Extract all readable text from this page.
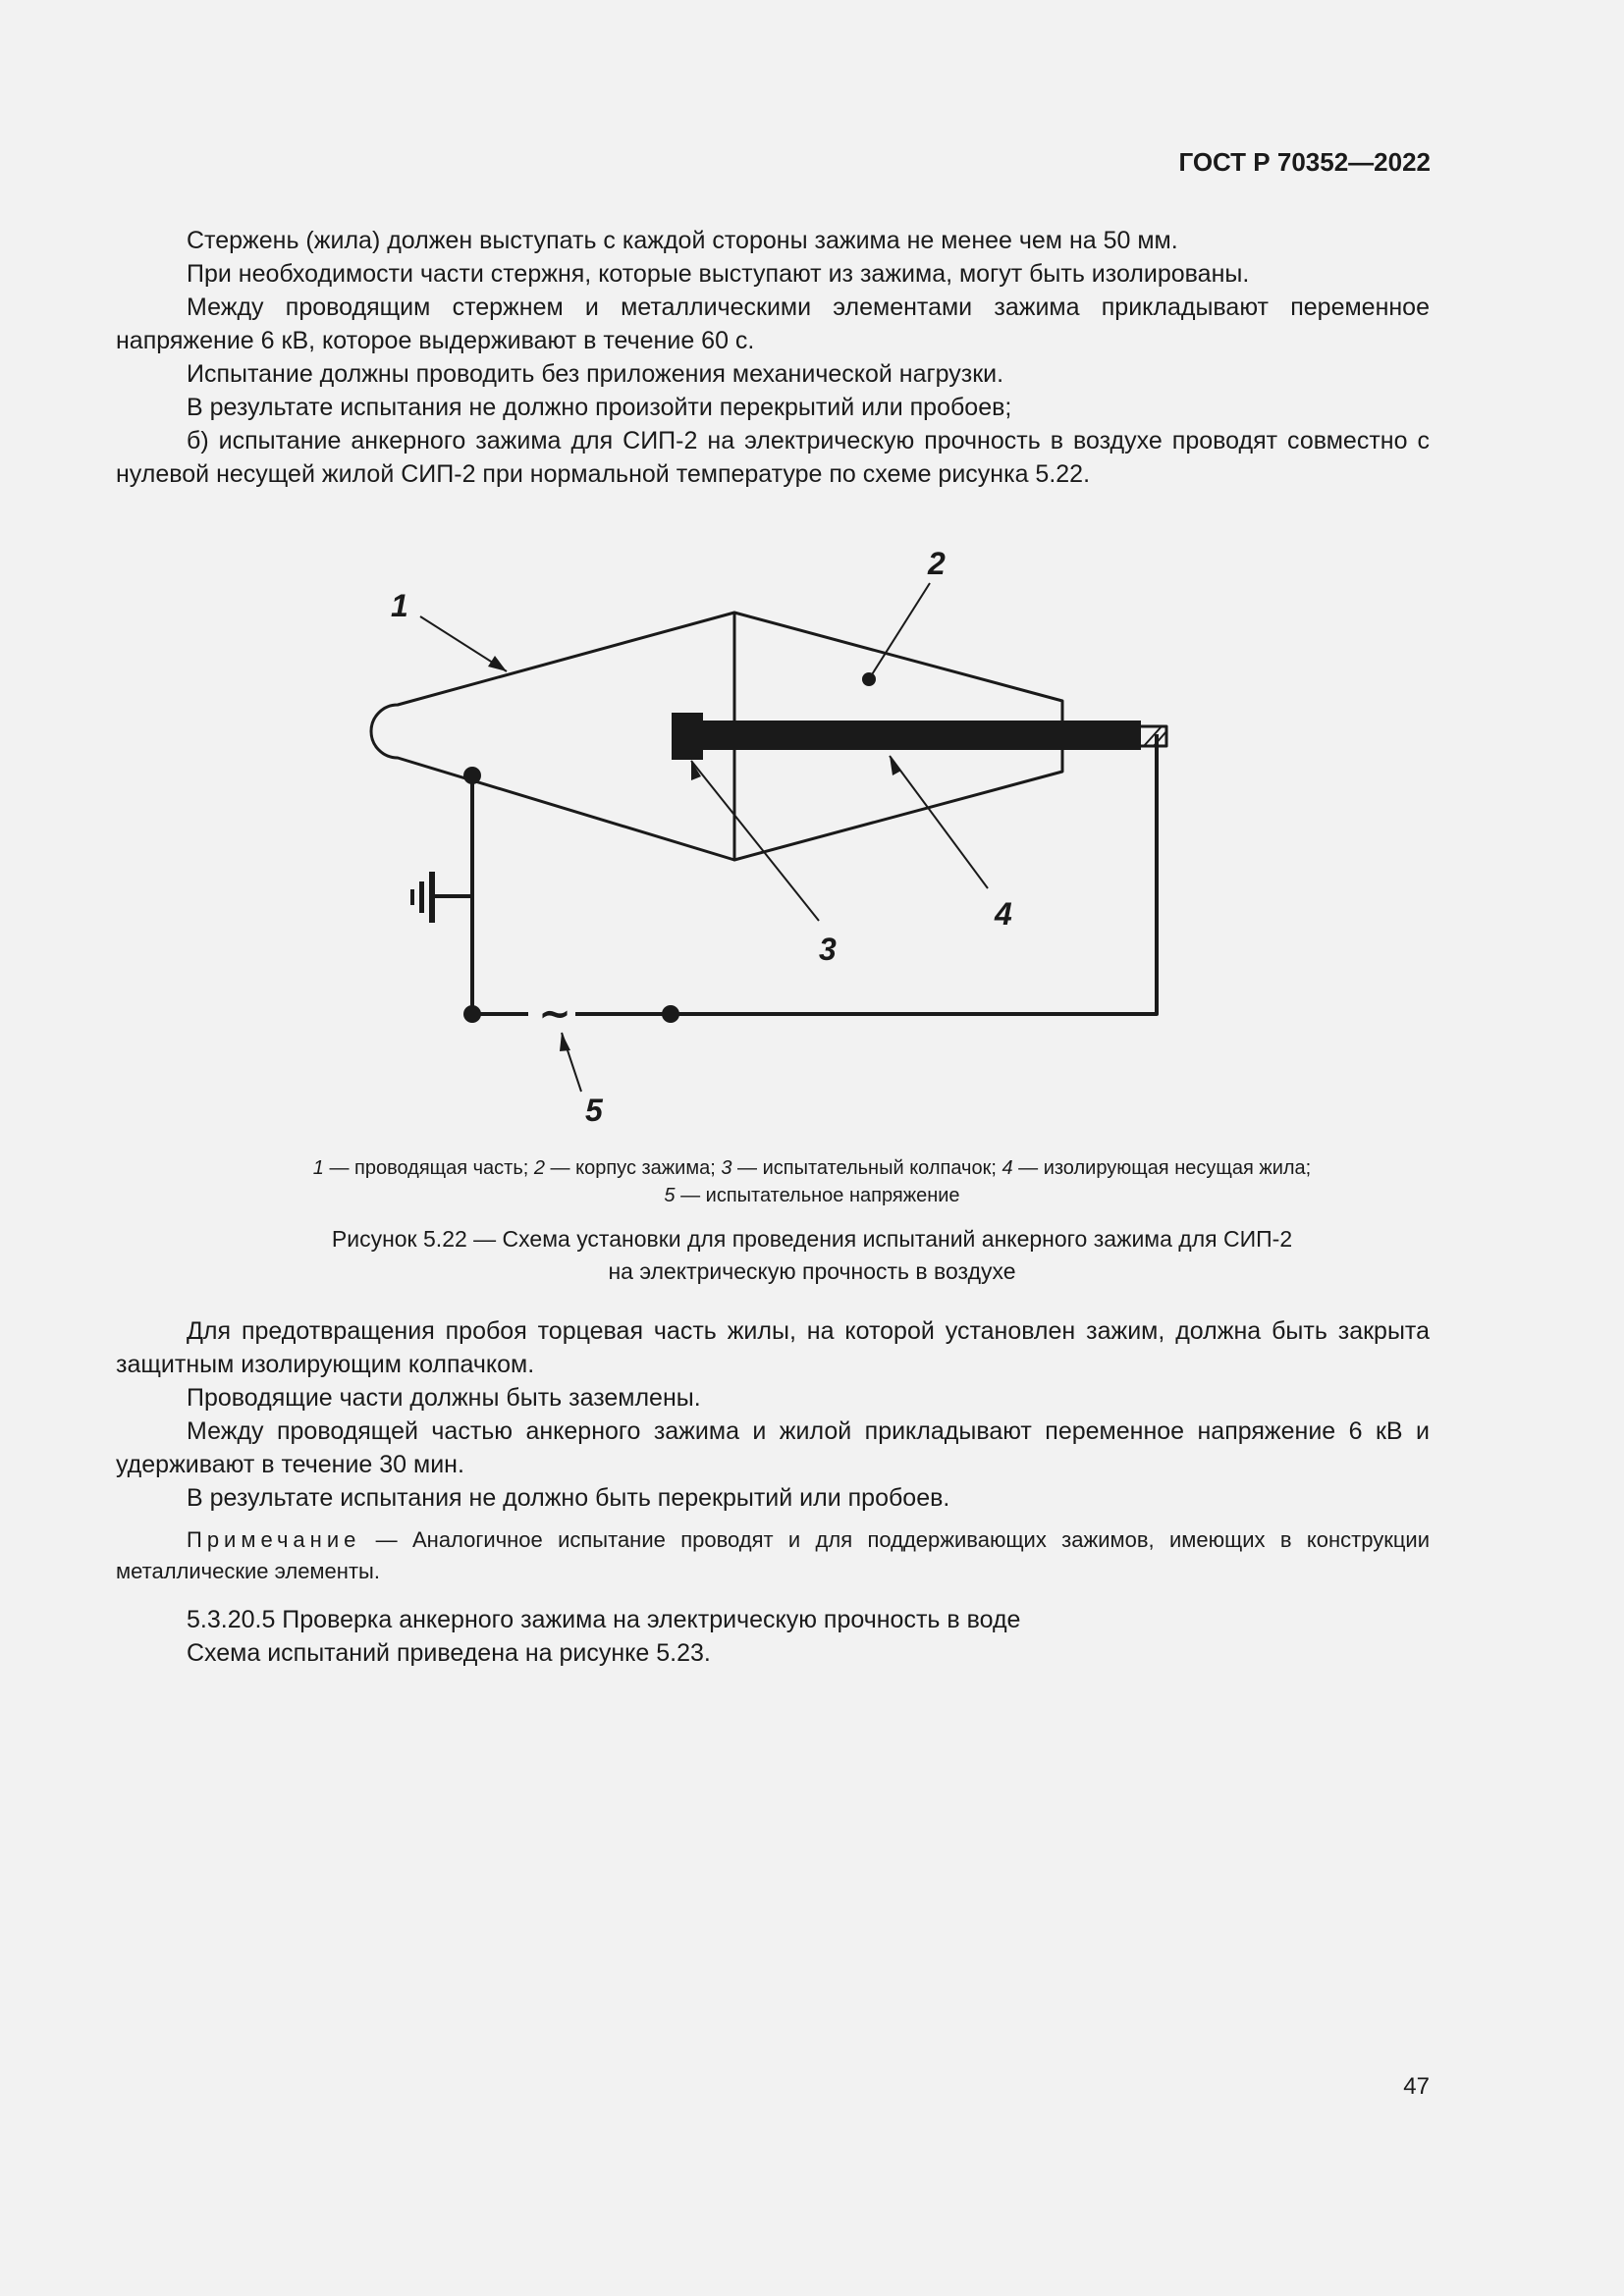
ГОСТ Р 70352—2022

Стержень (жила) должен выступать с каждой стороны зажима не менее чем на 50 мм.

При необходимости части стержня, которые выступают из зажима, могут быть изолированы.

Между проводящим стержнем и металлическими элементами зажима прикладывают переменное напряжение 6 кВ, которое выдерживают в течение 60 с.

Испытание должны проводить без приложения механической нагрузки.

В результате испытания не должно произойти перекрытий или пробоев;

б) испытание анкерного зажима для СИП-2 на электрическую прочность в воздухе проводят совместно с нулевой несущей жилой СИП-2 при нормальной температуре по схеме рисунка 5.22.

1
2
3
4
5
~
1 — проводящая часть; 2 — корпус зажима; 3 — испытательный колпачок; 4 — изолирующая несущая жила;
5 — испытательное напряжение
Рисунок 5.22 — Схема установки для проведения испытаний анкерного зажима для СИП-2
на электрическую прочность в воздухе

Для предотвращения пробоя торцевая часть жилы, на которой установлен зажим, должна быть закрыта защитным изолирующим колпачком.

Проводящие части должны быть заземлены.

Между проводящей частью анкерного зажима и жилой прикладывают переменное напряжение 6 кВ и удерживают в течение 30 мин.

В результате испытания не должно быть перекрытий или пробоев.

Примечание — Аналогичное испытание проводят и для поддерживающих зажимов, имеющих в конструкции металлические элементы.

5.3.20.5 Проверка анкерного зажима на электрическую прочность в воде

Схема испытаний приведена на рисунке 5.23.

47
